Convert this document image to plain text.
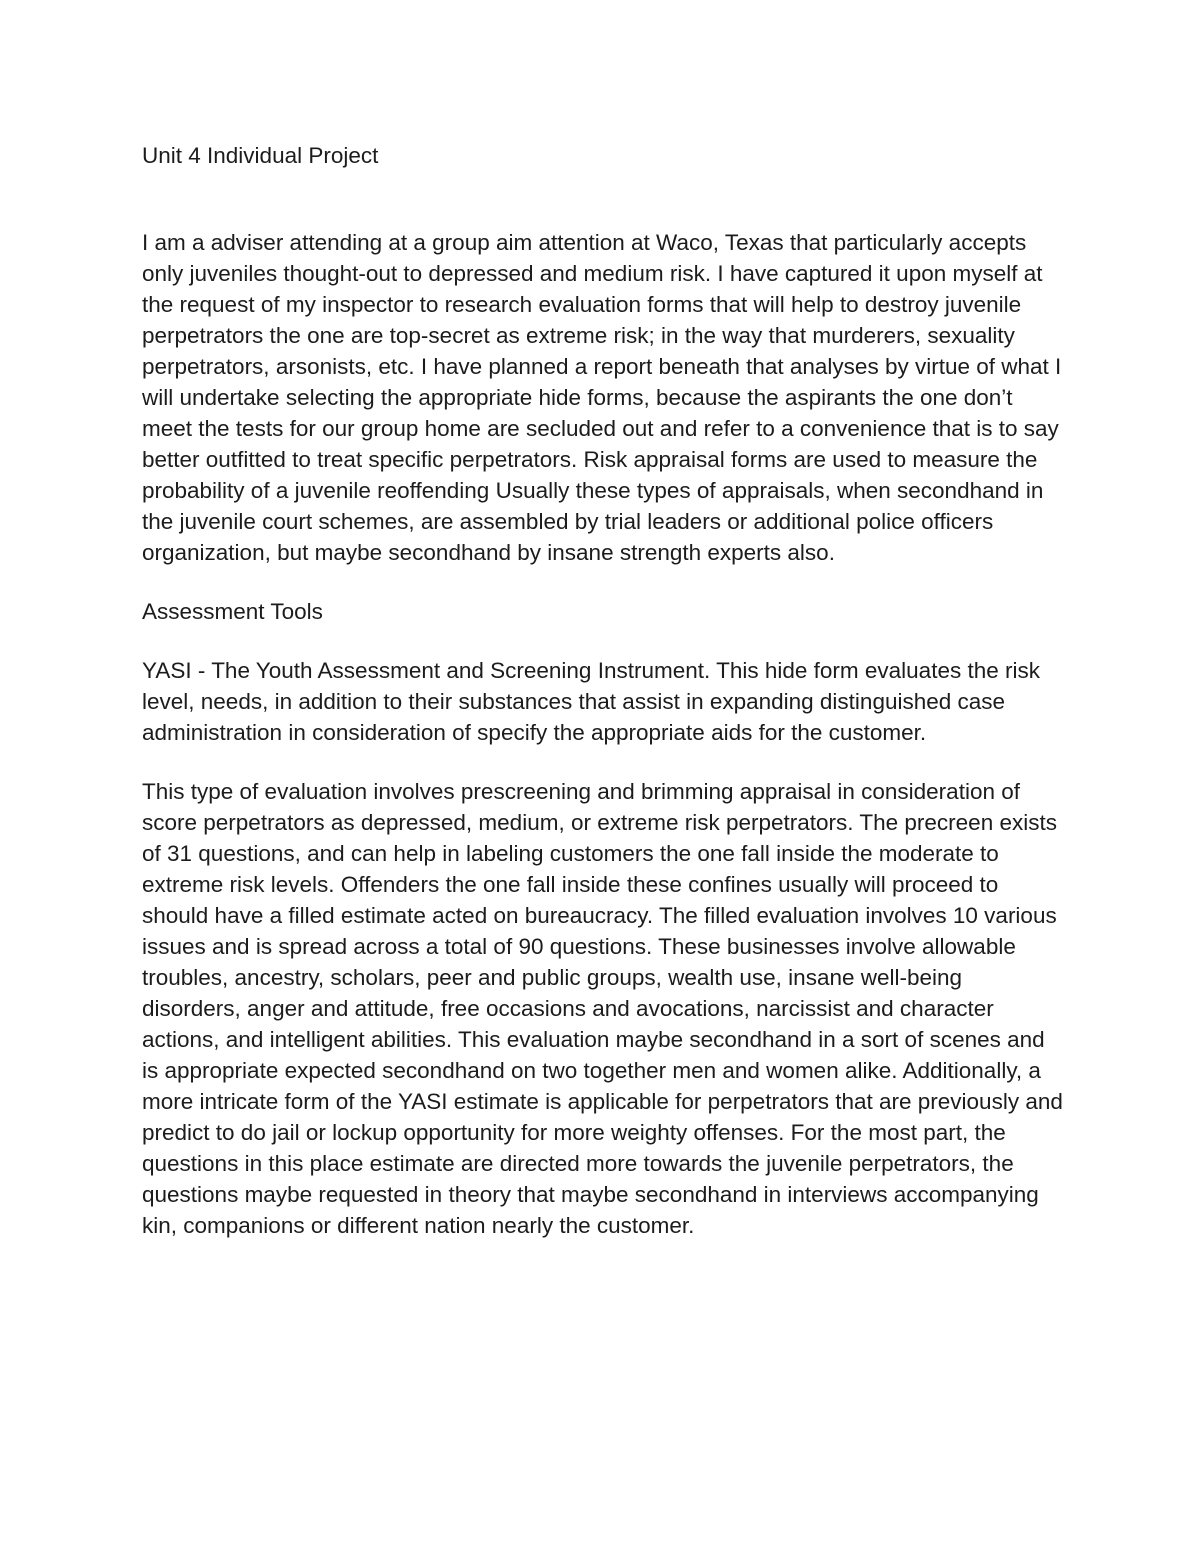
Unit 4 Individual Project

I am a adviser attending at a group aim attention at Waco, Texas that particularly accepts only juveniles thought-out to depressed and medium risk. I have captured it upon myself at the request of my inspector to research evaluation forms that will help to destroy juvenile perpetrators the one are top-secret as extreme risk; in the way that murderers, sexuality perpetrators, arsonists, etc. I have planned a report beneath that analyses by virtue of what I will undertake selecting the appropriate hide forms, because the aspirants the one don’t meet the tests for our group home are secluded out and refer to a convenience that is to say better outfitted to treat specific perpetrators. Risk appraisal forms are used to measure the probability of a juvenile reoffending Usually these types of appraisals, when secondhand in the juvenile court schemes, are assembled by trial leaders or additional police officers organization, but maybe secondhand by insane strength experts also.

Assessment Tools

YASI - The Youth Assessment and Screening Instrument. This hide form evaluates the risk level, needs, in addition to their substances that assist in expanding distinguished case administration in consideration of specify the appropriate aids for the customer.

This type of evaluation involves prescreening and brimming appraisal in consideration of score perpetrators as depressed, medium, or extreme risk perpetrators. The precreen exists of 31 questions, and can help in labeling customers the one fall inside the moderate to extreme risk levels. Offenders the one fall inside these confines usually will proceed to should have a filled estimate acted on bureaucracy. The filled evaluation involves 10 various issues and is spread across a total of 90 questions. These businesses involve allowable troubles, ancestry, scholars, peer and public groups, wealth use, insane well-being disorders, anger and attitude, free occasions and avocations, narcissist and character actions, and intelligent abilities. This evaluation maybe secondhand in a sort of scenes and is appropriate expected secondhand on two together men and women alike. Additionally, a more intricate form of the YASI estimate is applicable for perpetrators that are previously and predict to do jail or lockup opportunity for more weighty offenses. For the most part, the questions in this place estimate are directed more towards the juvenile perpetrators, the questions maybe requested in theory that maybe secondhand in interviews accompanying kin, companions or different nation nearly the customer.
